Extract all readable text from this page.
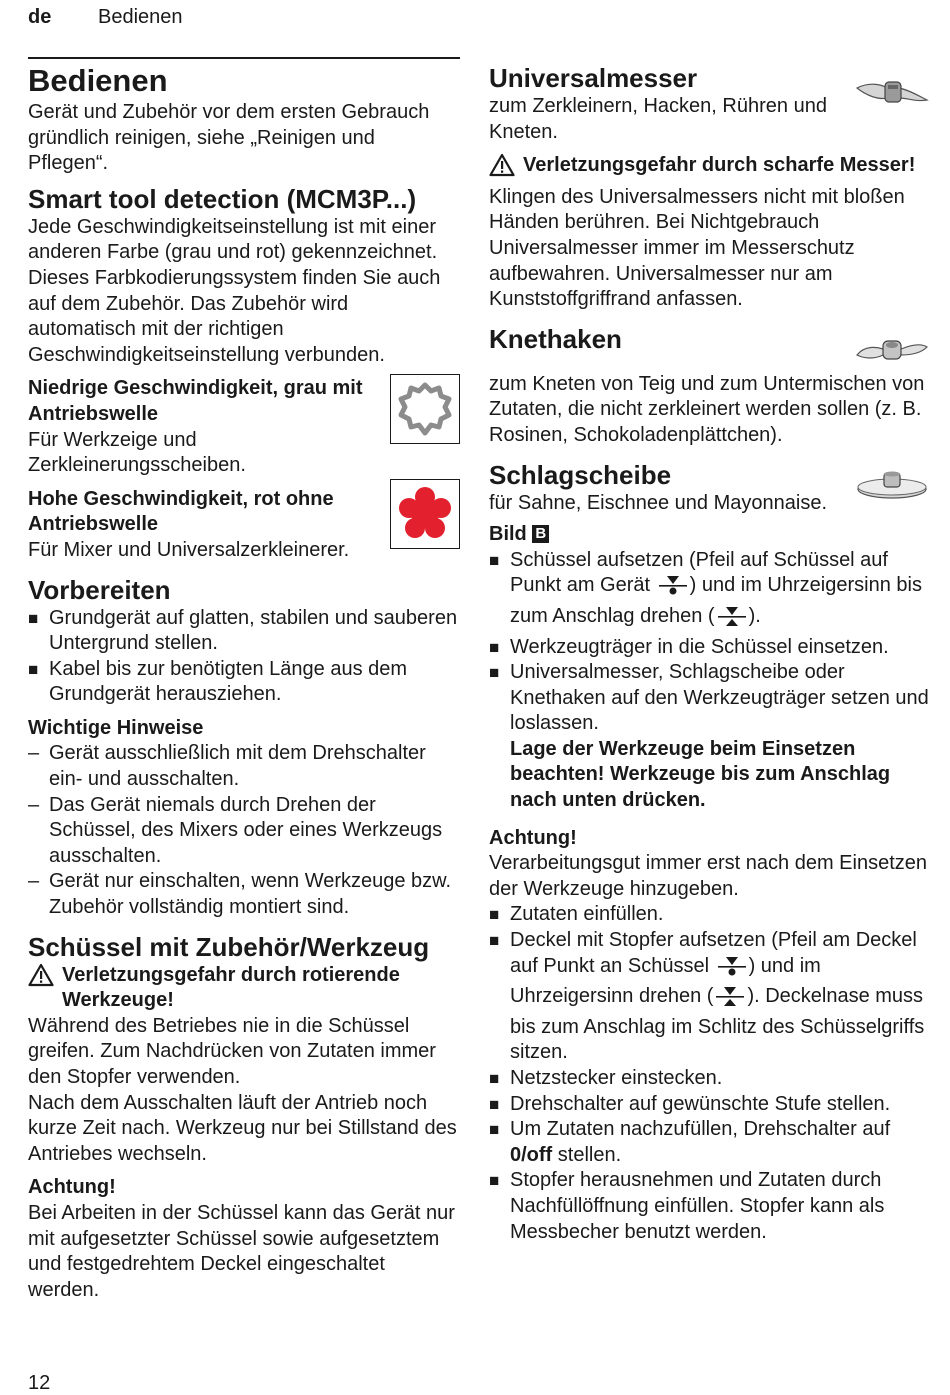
de Bedienen
Bedienen

Gerät und Zubehör vor dem ersten Gebrauch gründlich reinigen, siehe „Reinigen und Pflegen“.

Smart tool detection (MCM3P...)

Jede Geschwindigkeitseinstellung ist mit einer anderen Farbe (grau und rot) gekennzeichnet. Dieses Farbkodierungssystem finden Sie auch auf dem Zubehör. Das Zubehör wird automatisch mit der richtigen Geschwindigkeitseinstellung verbunden.

Niedrige Geschwindigkeit, grau mit Antriebswelle

Für Werkzeige und Zerkleinerungsscheiben.

Hohe Geschwindigkeit, rot ohne Antriebswelle

Für Mixer und Universalzerkleinerer.

Vorbereiten
■ Grundgerät auf glatten, stabilen und sauberen Untergrund stellen.
■ Kabel bis zur benötigten Länge aus dem Grundgerät herausziehen.
Wichtige Hinweise
– Gerät ausschließlich mit dem Drehschalter ein- und ausschalten.
– Das Gerät niemals durch Drehen der Schüssel, des Mixers oder eines Werkzeugs ausschalten.
– Gerät nur einschalten, wenn Werkzeuge bzw. Zubehör vollständig montiert sind.
Schüssel mit Zubehör/Werkzeug
Verletzungsgefahr durch rotierende Werkzeuge!

Während des Betriebes nie in die Schüssel greifen. Zum Nachdrücken von Zutaten immer den Stopfer verwenden.

Nach dem Ausschalten läuft der Antrieb noch kurze Zeit nach. Werkzeug nur bei Stillstand des Antriebes wechseln.

Achtung!

Bei Arbeiten in der Schüssel kann das Gerät nur mit aufgesetzter Schüssel sowie aufgesetztem und festgedrehtem Deckel eingeschaltet werden.

Universalmesser

zum Zerkleinern, Hacken, Rühren und Kneten.

Verletzungsgefahr durch scharfe Messer!

Klingen des Universalmessers nicht mit bloßen Händen berühren. Bei Nichtgebrauch Universalmesser immer im Messerschutz aufbewahren. Universalmesser nur am Kunststoffgriffrand anfassen.

Knethaken

zum Kneten von Teig und zum Untermischen von Zutaten, die nicht zerkleinert werden sollen (z. B. Rosinen, Schokoladenplättchen).

Schlagscheibe

für Sahne, Eischnee und Mayonnaise.

Bild B
■ Schüssel aufsetzen (Pfeil auf Schüssel auf Punkt am Gerät ) und im Uhrzeigersinn bis zum Anschlag drehen ( ).
■ Werkzeugträger in die Schüssel einsetzen.
■ Universalmesser, Schlagscheibe oder Knethaken auf den Werkzeugträger setzen und loslassen.
Lage der Werkzeuge beim Einsetzen beachten! Werkzeuge bis zum Anschlag nach unten drücken.
Achtung!

Verarbeitungsgut immer erst nach dem Einsetzen der Werkzeuge hinzugeben.

■ Zutaten einfüllen.
■ Deckel mit Stopfer aufsetzen (Pfeil am Deckel auf Punkt an Schüssel ) und im Uhrzeigersinn drehen ( ). Deckelnase muss bis zum Anschlag im Schlitz des Schüsselgriffs sitzen.
■ Netzstecker einstecken.
■ Drehschalter auf gewünschte Stufe stellen.
■ Um Zutaten nachzufüllen, Drehschalter auf 0/off stellen.
■ Stopfer herausnehmen und Zutaten durch Nachfüllöffnung einfüllen. Stopfer kann als Messbecher benutzt werden.
12
